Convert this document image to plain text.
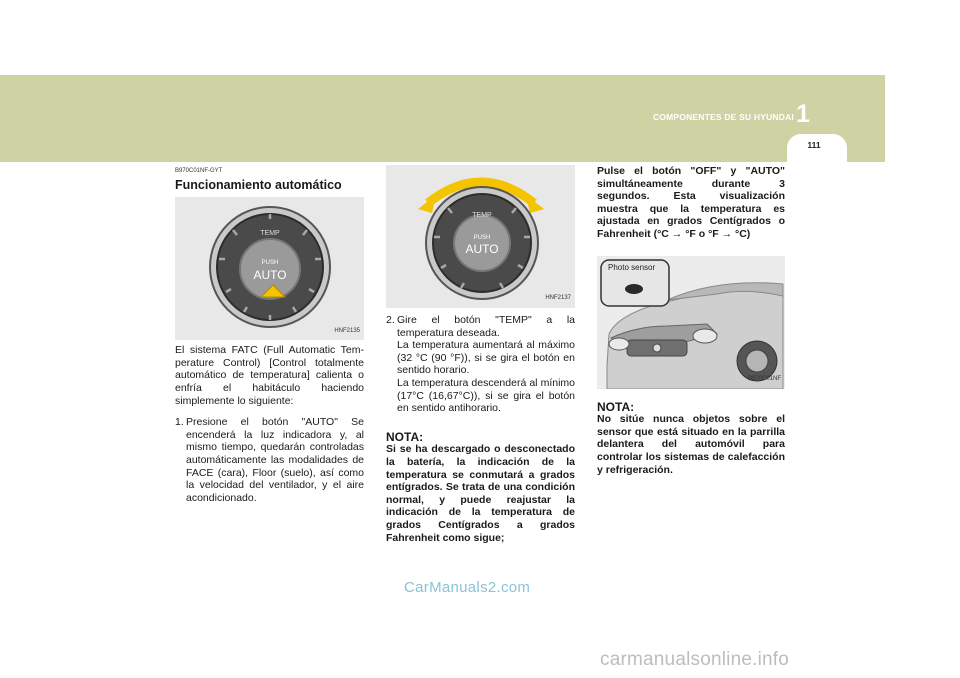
COMPONENTES DE SU HYUNDAI 1
111
B970C01NF-GYT
Funcionamiento automático
PUSH
AUTO
TEMP
HNF2135

El sistema FATC (Full Automatic Tem-perature Control) [Control totalmente automático de temperatura] calienta o enfría el habitáculo haciendo simplemente lo siguiente:

1. Presione el botón "AUTO" Se encenderá la luz indicadora y, al mismo tiempo, quedarán controladas automáticamente las modalidades de FACE (cara), Floor (suelo), así como la velocidad del ventilador, y el aire acondicionado.
PUSH
AUTO
TEMP
HNF2137
2. Gire el botón "TEMP" a la temperatura deseada.

La temperatura aumentará al máximo (32 °C (90 °F)), si se gira el botón en sentido horario.

La temperatura descenderá al mínimo (17°C (16,67°C)), si se gira el botón en sentido antihorario.

NOTA:

Si se ha descargado o desconectado la batería, la indicación de la temperatura se conmutará a grados entígrados. Se trata de una condición normal, y puede reajustar la indicación de la temperatura de grados Centígrados a grados Fahrenheit como sigue;

Pulse el botón "OFF" y "AUTO" simultáneamente durante 3 segundos. Esta visualización muestra que la temperatura es ajustada en grados Centígrados o Fahrenheit (°C → °F o °F → °C)

Photo sensor
B970C01NF
NOTA:

No sitúe nunca objetos sobre el sensor que está situado en la parrilla delantera del automóvil para controlar los sistemas de calefacción y refrigeración.

CarManuals2.com
carmanualsonline.info
